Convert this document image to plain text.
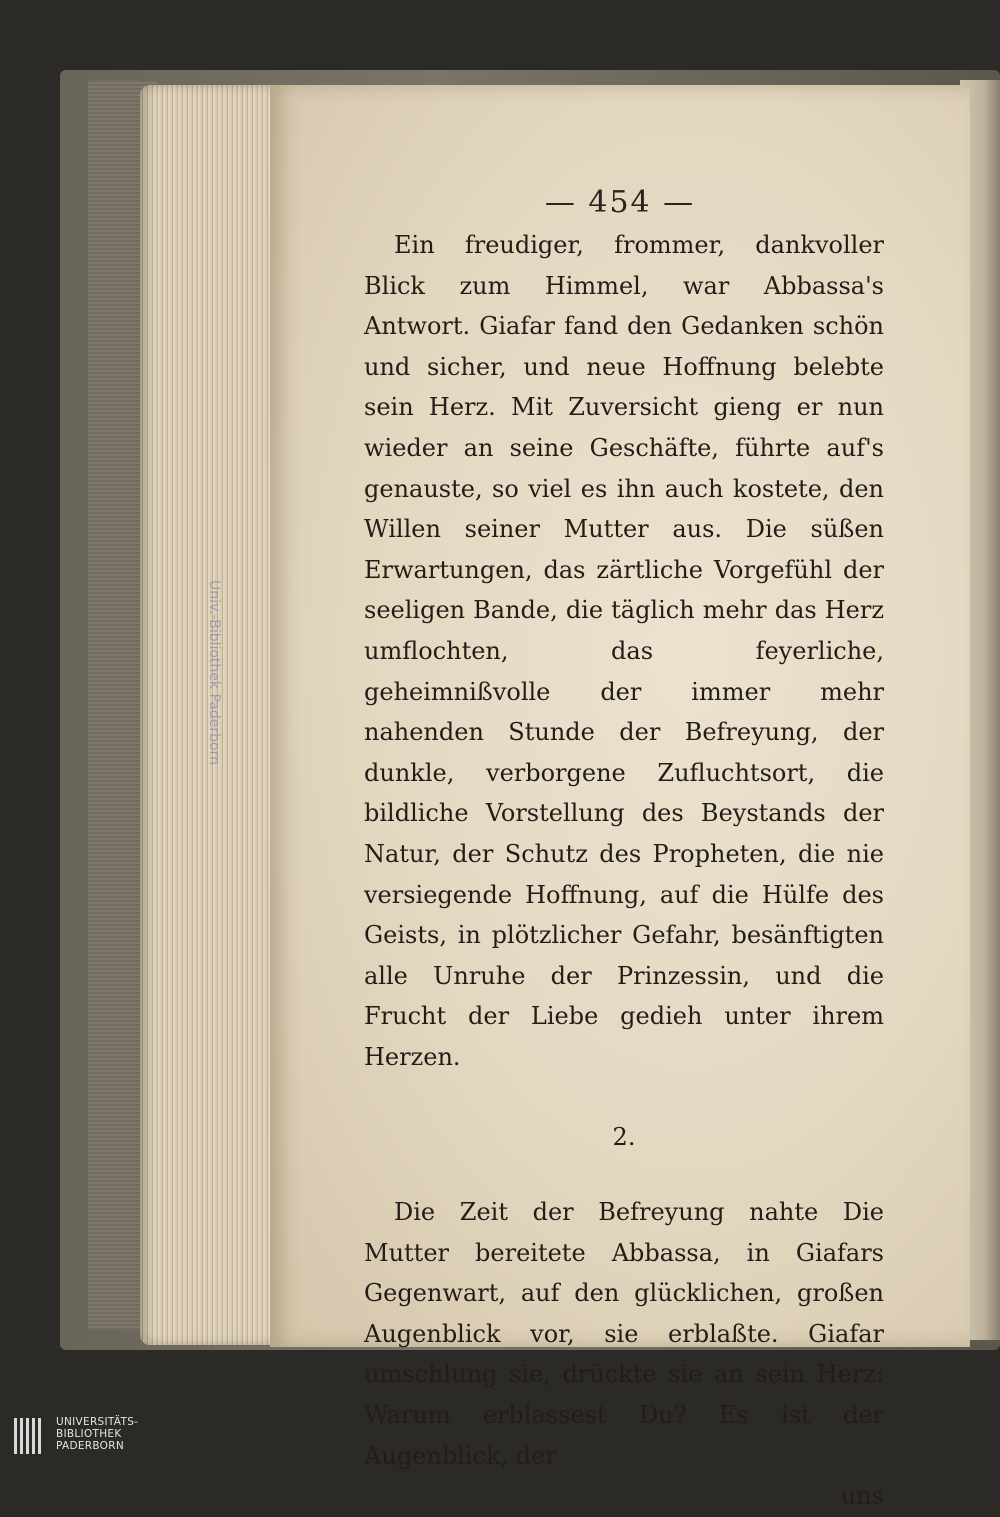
Univ.-Bibliothek Paderborn
— 454 —

Ein freudiger, frommer, dankvoller Blick zum Himmel, war Abbassa's Antwort. Giafar fand den Gedanken schön und sicher, und neue Hoffnung belebte sein Herz. Mit Zuversicht gieng er nun wieder an seine Geschäfte, führte auf's genauste, so viel es ihn auch kostete, den Willen seiner Mutter aus. Die süßen Erwartungen, das zärtliche Vorgefühl der seeligen Bande, die täglich mehr das Herz umflochten, das feyerliche, geheimnißvolle der immer mehr nahenden Stunde der Befreyung, der dunkle, verborgene Zufluchtsort, die bildliche Vorstellung des Beystands der Natur, der Schutz des Propheten, die nie versiegende Hoffnung, auf die Hülfe des Geists, in plötzlicher Gefahr, besänftigten alle Unruhe der Prinzessin, und die Frucht der Liebe gedieh unter ihrem Herzen.

2.

Die Zeit der Befreyung nahte Die Mutter bereitete Abbassa, in Giafars Gegenwart, auf den glücklichen, großen Augenblick vor, sie erblaßte. Giafar umschlung sie, drückte sie an sein Herz: Warum erblassest Du? Es ist der Augenblick, der

uns

UNIVERSITÄTS-
BIBLIOTHEK
PADERBORN
